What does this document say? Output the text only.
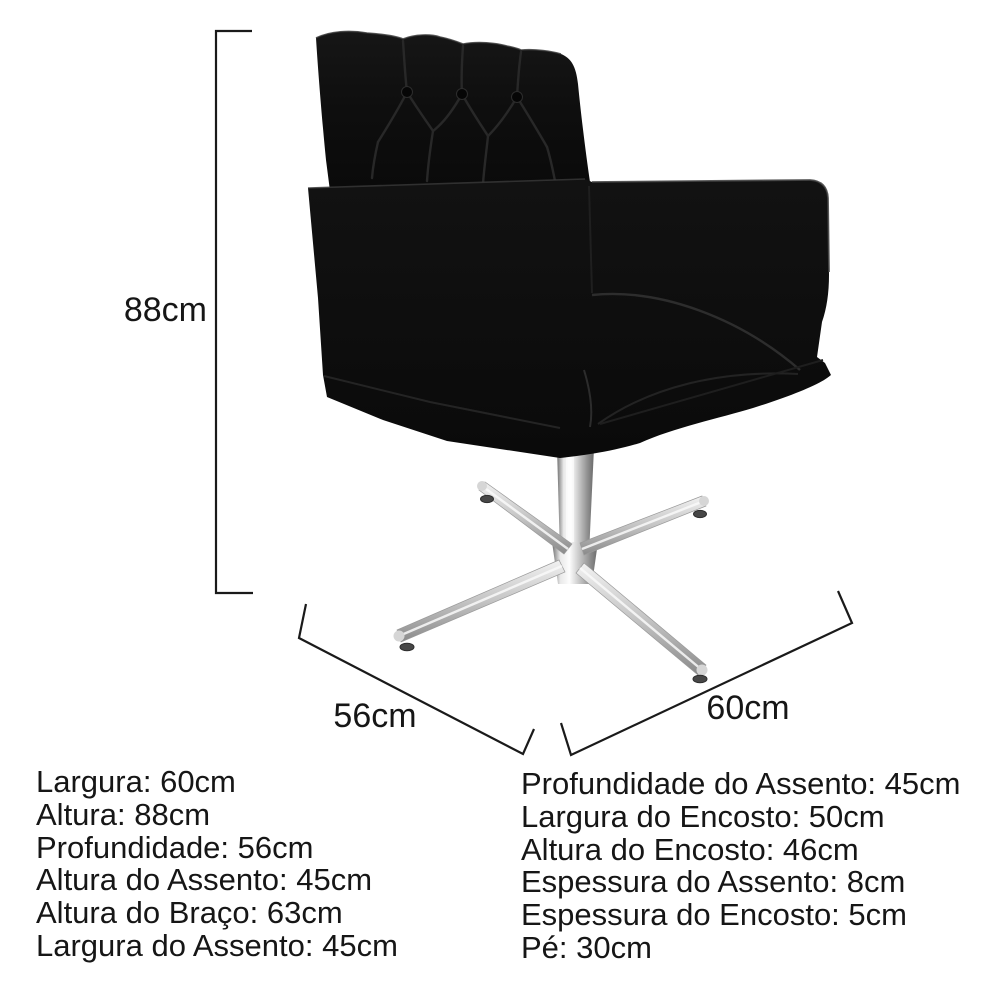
88cm
56cm	60cm
Largura: 60cm
Altura: 88cm
Profundidade: 56cm
Altura do Assento: 45cm
Altura do Braço: 63cm
Largura do Assento: 45cm
Profundidade do Assento: 45cm
Largura do Encosto: 50cm
Altura do Encosto: 46cm
Espessura do Assento: 8cm
Espessura do Encosto: 5cm
Pé: 30cm
